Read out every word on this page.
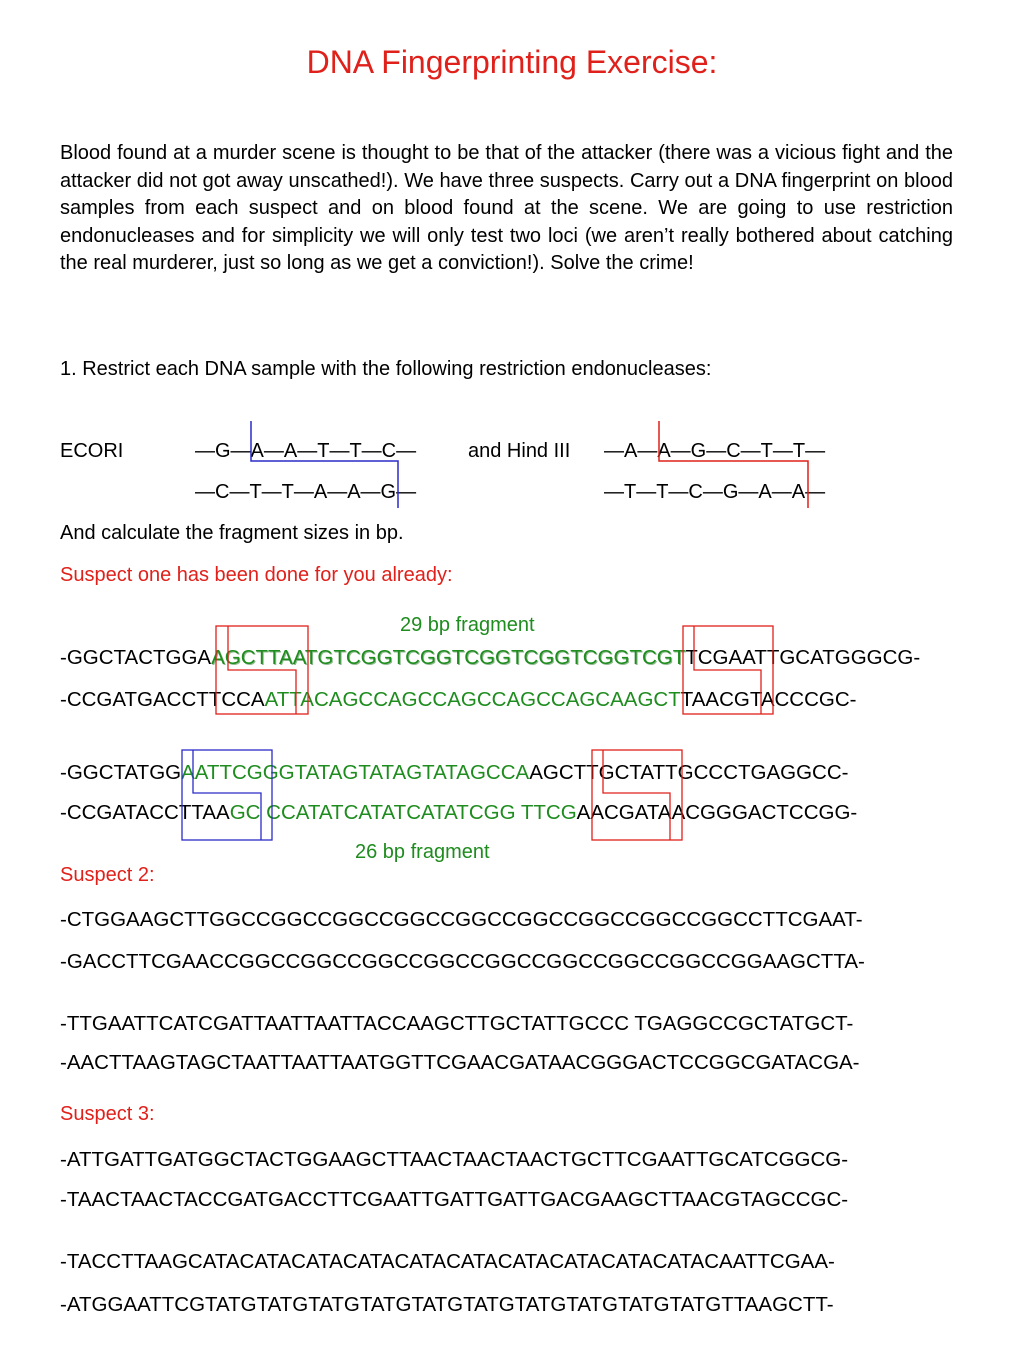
DNA Fingerprinting Exercise:
Blood found at a murder scene is thought to be that of the attacker (there was a vicious fight and the attacker did not got away unscathed!). We have three suspects. Carry out a DNA fingerprint on blood samples from each suspect and on blood found at the scene. We are going to use restriction endonucleases and for simplicity we will only test two loci (we aren’t really bothered about catching the real murderer, just so long as we get a conviction!). Solve the crime!
1. Restrict each DNA sample with the following restriction endonucleases:
ECORI	—G—A—A—T—T—C—
—C—T—T—A—A—G—
and Hind III —A—A—G—C—T—T—
—T—T—C—G—A—A—
And calculate the fragment sizes in bp.
Suspect one has been done for you already:
29 bp fragment
-GGCTACTGGAAGCTTAATGTCGGTCGGTCGGTCGGTCGGTCGTTCGAATTGCATGGGCG-
-CCGATGACCTTCCAATTACAGCCAGCCAGCCAGCCAGCAAGCTTAACGTACCCGC-
-GGCTATGGAATTCGGGTATAGTATAGTATAGCCAAGCTTGCTATTGCCCTGAGGCC-
-CCGATACCTTAAGC CCATATCATATCATATCGG TTCGAACGATAACGGGACTCCGG-
26 bp fragment
Suspect 2:
-CTGGAAGCTTGGCCGGCCGGCCGGCCGGCCGGCCGGCCGGCCGGCCTTCGAAT-
-GACCTTCGAACCGGCCGGCCGGCCGGCCGGCCGGCCGGCCGGCCGGAAGCTTA-
-TTGAATTCATCGATTAATTAATTACCAAGCTTGCTATTGCCC TGAGGCCGCTATGCT-
-AACTTAAGTAGCTAATTAATTAATGGTTCGAACGATAACGGGACTCCGGCGATACGA-
Suspect 3:
-ATTGATTGATGGCTACTGGAAGCTTAACTAACTAACTGCTTCGAATTGCATCGGCG-
-TAACTAACTACCGATGACCTTCGAATTGATTGATTGACGAAGCTTAACGTAGCCGC-
-TACCTTAAGCATACATACATACATACATACATACATACATACATACATACAATTCGAA-
-ATGGAATTCGTATGTATGTATGTATGTATGTATGTATGTATGTATGTATGTTAAGCTT-
